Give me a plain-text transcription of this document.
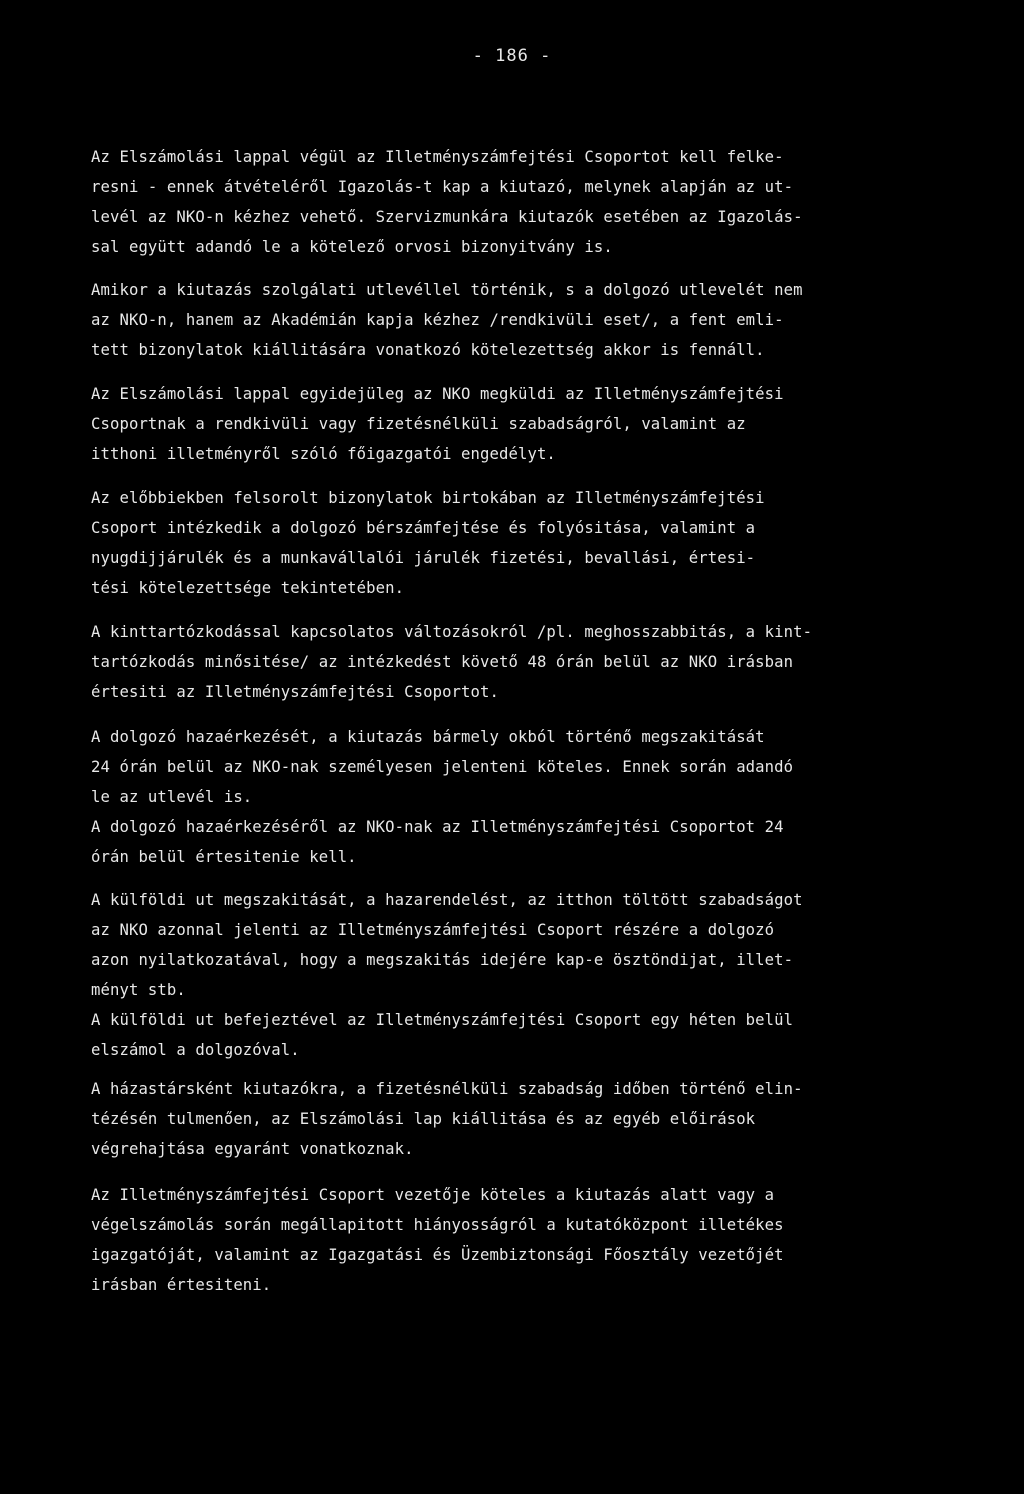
- 186 -
Az Elszámolási lappal végül az Illetményszámfejtési Csoportot kell felke-
resni - ennek átvételéről Igazolás-t kap a kiutazó, melynek alapján az ut-
levél az NKO-n kézhez vehető. Szervizmunkára kiutazók esetében az Igazolás-
sal együtt adandó le a kötelező orvosi bizonyitvány is.
Amikor a kiutazás szolgálati utlevéllel történik, s a dolgozó utlevelét nem
az NKO-n, hanem az Akadémián kapja kézhez /rendkivüli eset/, a fent emli-
tett bizonylatok kiállitására vonatkozó kötelezettség akkor is fennáll.
Az Elszámolási lappal egyidejüleg az NKO megküldi az Illetményszámfejtési
Csoportnak a rendkivüli vagy fizetésnélküli szabadságról, valamint az
itthoni illetményről szóló főigazgatói engedélyt.
Az előbbiekben felsorolt bizonylatok birtokában az Illetményszámfejtési
Csoport intézkedik a dolgozó bérszámfejtése és folyósitása, valamint a
nyugdijjárulék és a munkavállalói járulék fizetési, bevallási, értesi-
tési kötelezettsége tekintetében.
A kinttartózkodással kapcsolatos változásokról /pl. meghosszabbitás, a kint-
tartózkodás minősitése/ az intézkedést követő 48 órán belül az NKO irásban
értesiti az Illetményszámfejtési Csoportot.
A dolgozó hazaérkezését, a kiutazás bármely okból történő megszakitását
24 órán belül az NKO-nak személyesen jelenteni köteles. Ennek során adandó
le az utlevél is.
A dolgozó hazaérkezéséről az NKO-nak az Illetményszámfejtési Csoportot 24
órán belül értesitenie kell.
A külföldi ut megszakitását, a hazarendelést, az itthon töltött szabadságot
az NKO azonnal jelenti az Illetményszámfejtési Csoport részére a dolgozó
azon nyilatkozatával, hogy a megszakitás idejére kap-e ösztöndijat, illet-
ményt stb.
A külföldi ut befejeztével az Illetményszámfejtési Csoport egy héten belül
elszámol a dolgozóval.
A házastársként kiutazókra, a fizetésnélküli szabadság időben történő elin-
tézésén tulmenően, az Elszámolási lap kiállitása és az egyéb előirások
végrehajtása egyaránt vonatkoznak.
Az Illetményszámfejtési Csoport vezetője köteles a kiutazás alatt vagy a
végelszámolás során megállapitott hiányosságról a kutatóközpont illetékes
igazgatóját, valamint az Igazgatási és Üzembiztonsági Főosztály vezetőjét
irásban értesiteni.
